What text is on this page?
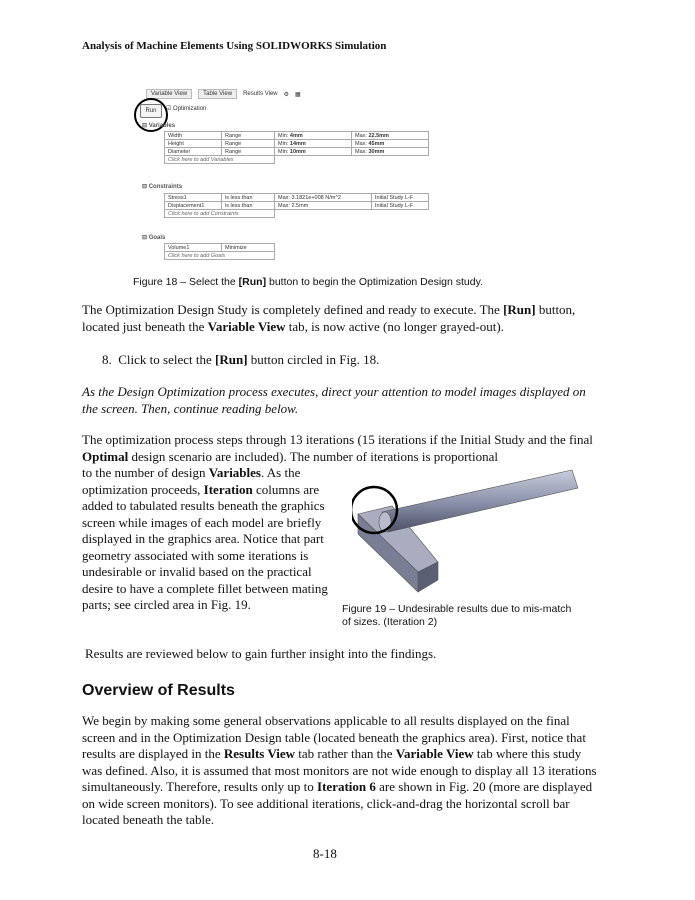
Analysis of Machine Elements Using SOLIDWORKS Simulation
Variable View	Table View	Results View ⚙ ▦
Run	☑ Optimization
⊟ Variables
Width	Range	Min: 4mm	Max: 22.5mm
Height	Range	Min: 14mm	Max: 45mm
Diameter	Range	Min: 10mm	Max: 30mm
Click here to add Variables			
⊟ Constraints
Stress1	is less than	Max: 3.1821e+008 N/m^2	Initial Study L-F
Displacement1	is less than	Max: 2.5mm	Initial Study L-F
Click here to add Constraints			
⊟ Goals
Volume1	Minimize
Click here to add Goals
Figure 18 – Select the [Run] button to begin the Optimization Design study.

The Optimization Design Study is completely defined and ready to execute. The [Run] button, located just beneath the Variable View tab, is now active (no longer grayed-out).

8. Click to select the [Run] button circled in Fig. 18.

As the Design Optimization process executes, direct your attention to model images displayed on the screen. Then, continue reading below.

The optimization process steps through 13 iterations (15 iterations if the Initial Study and the final Optimal design scenario are included). The number of iterations is proportional

to the number of design Variables. As the optimization proceeds, Iteration columns are added to tabulated results beneath the graphics screen while images of each model are briefly displayed in the graphics area. Notice that part geometry associated with some iterations is undesirable or invalid based on the practical desire to have a complete fillet between mating parts; see circled area in Fig. 19.	Figure 19 – Undesirable results due to mis-match of sizes. (Iteration 2)

Results are reviewed below to gain further insight into the findings.

Overview of Results

We begin by making some general observations applicable to all results displayed on the final screen and in the Optimization Design table (located beneath the graphics area). First, notice that results are displayed in the Results View tab rather than the Variable View tab where this study was defined. Also, it is assumed that most monitors are not wide enough to display all 13 iterations simultaneously. Therefore, results only up to Iteration 6 are shown in Fig. 20 (more are displayed on wide screen monitors). To see additional iterations, click-and-drag the horizontal scroll bar located beneath the table.

8-18
